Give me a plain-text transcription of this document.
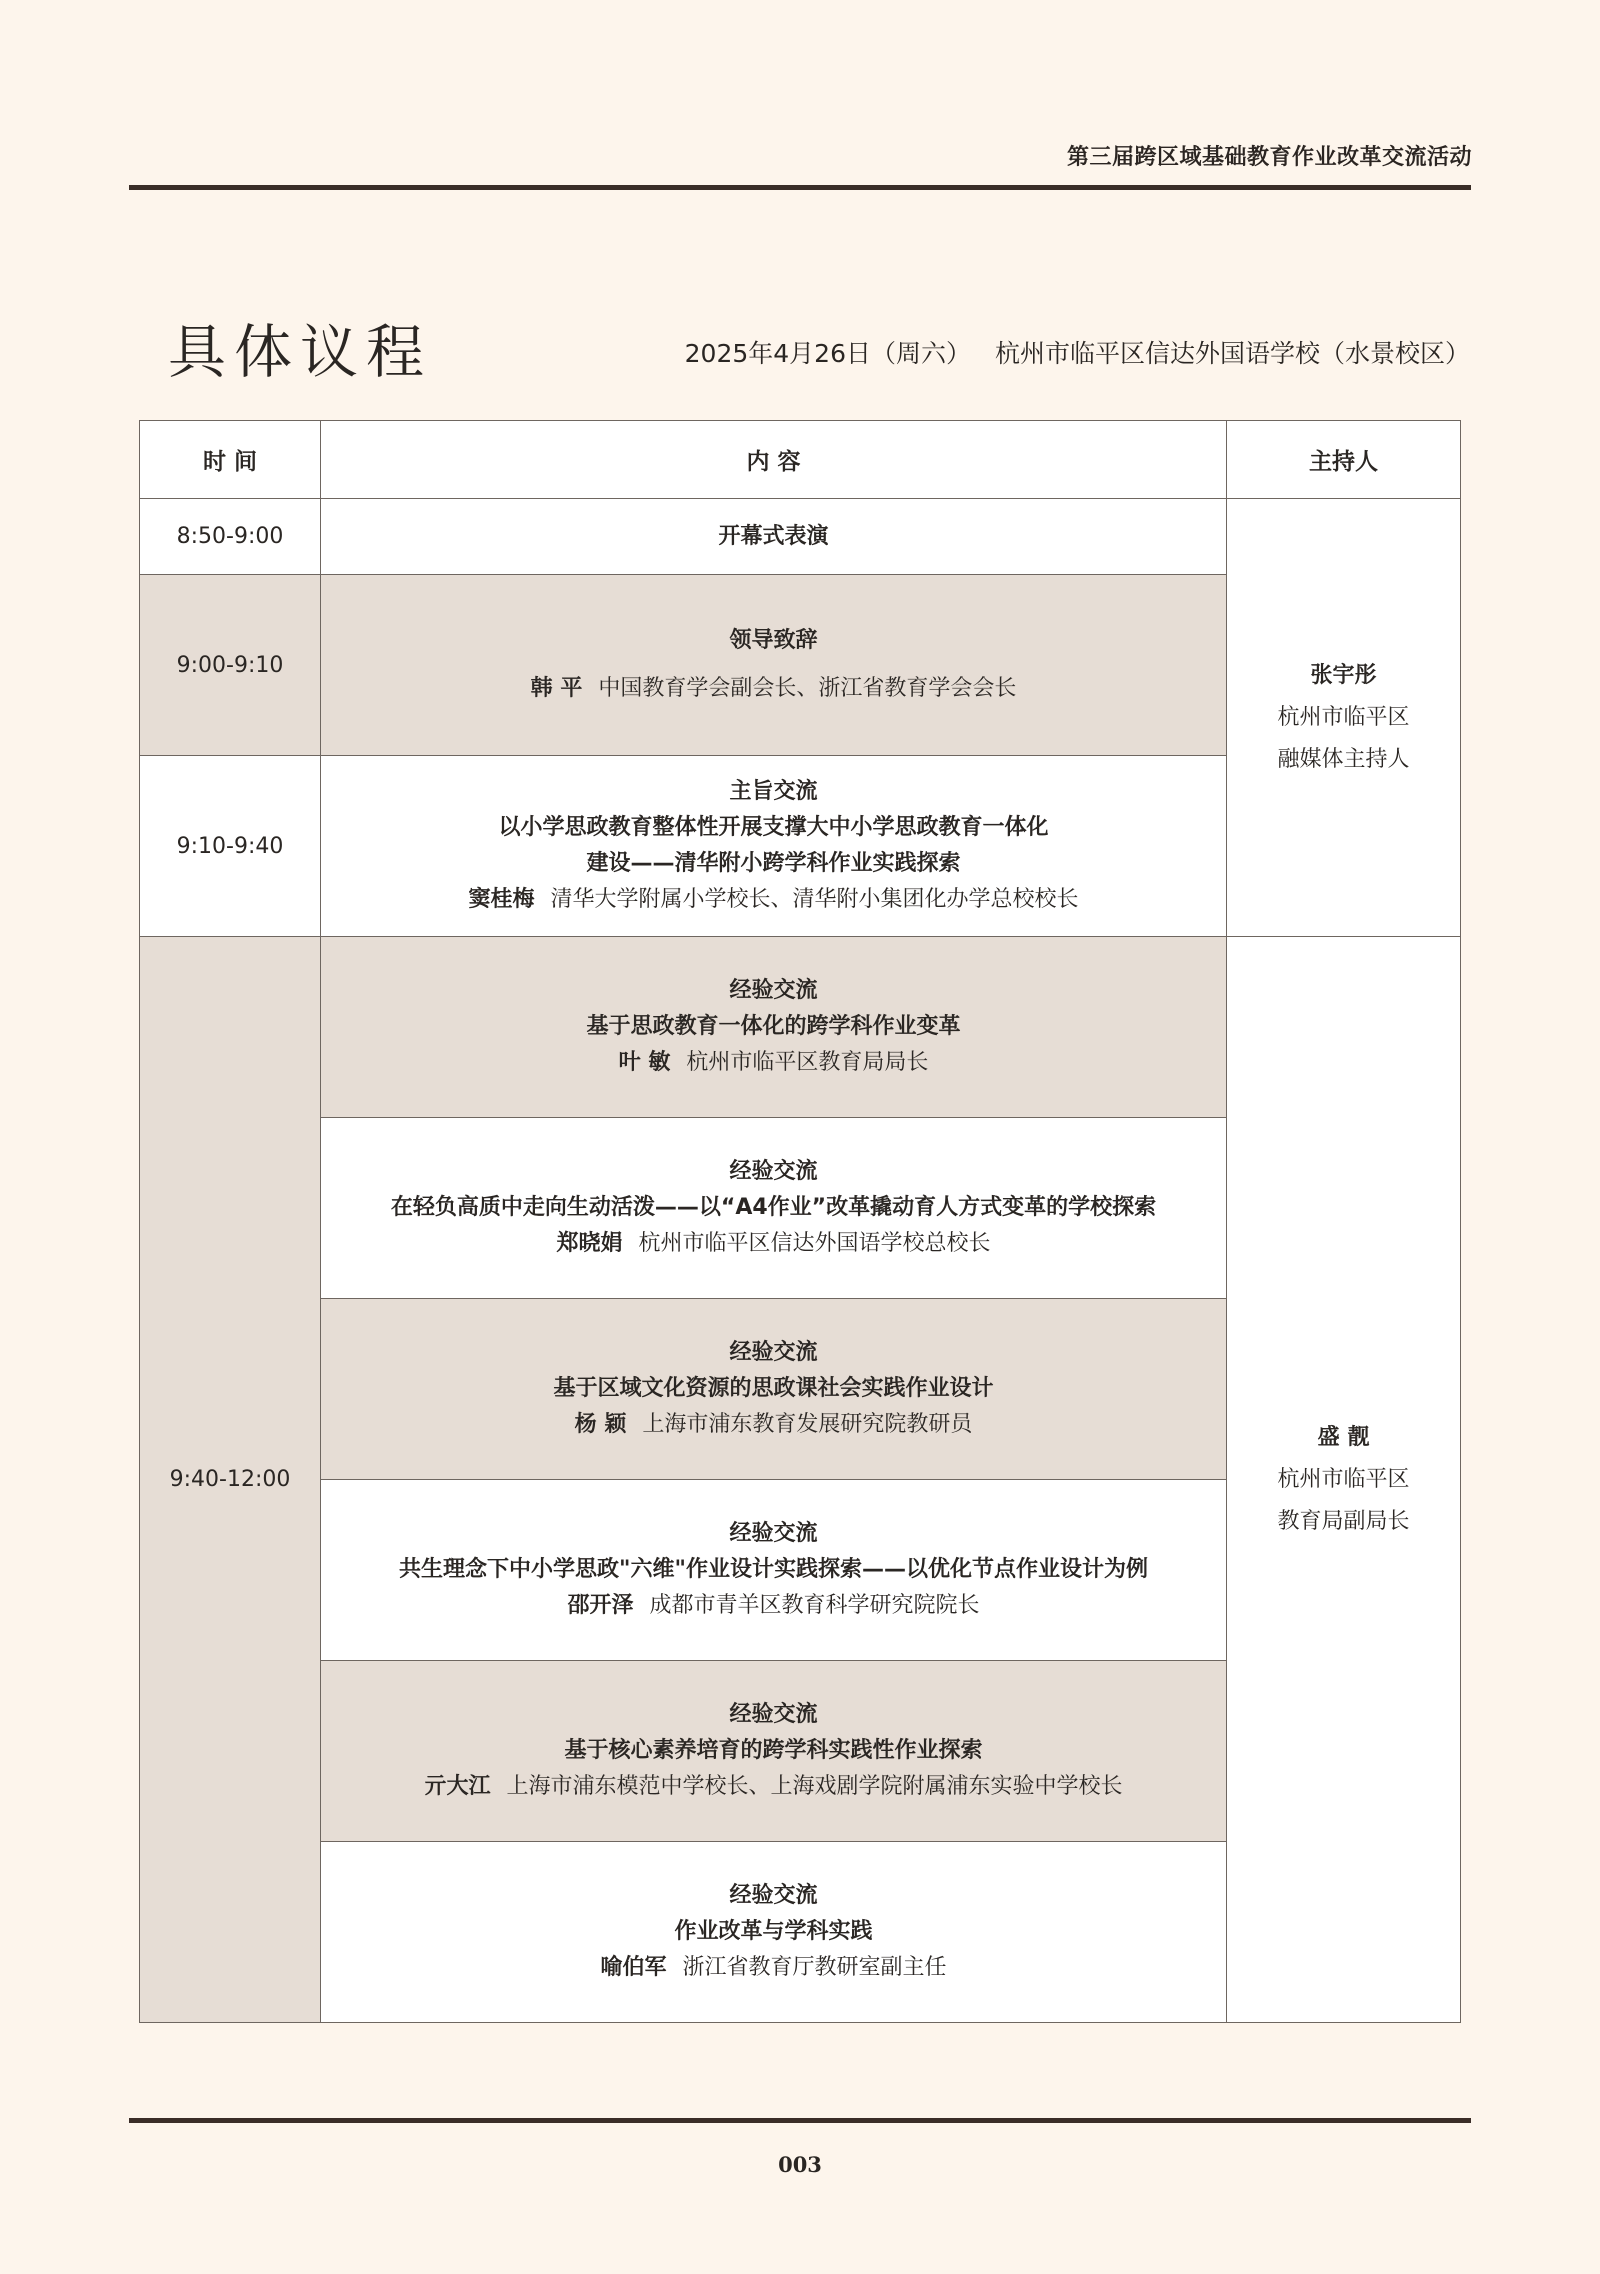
第三届跨区域基础教育作业改革交流活动
具体议程	2025年4月26日（周六） 杭州市临平区信达外国语学校（水景校区）
时 间	内 容	主持人
8:50-9:00	开幕式表演	张宇彤
杭州市临平区
融媒体主持人

9:00-9:10	领导致辞
韩 平 中国教育学会副会长、浙江省教育学会会长	

9:10-9:40	主旨交流
以小学思政教育整体性开展支撑大中小学思政教育一体化
建设——清华附小跨学科作业实践探索
窦桂梅 清华大学附属小学校长、清华附小集团化办学总校校长	

9:40-12:00	经验交流
基于思政教育一体化的跨学科作业变革
叶 敏 杭州市临平区教育局局长	盛 靓
杭州市临平区
教育局副局长

	经验交流
在轻负高质中走向生动活泼——以“A4作业”改革撬动育人方式变革的学校探索
郑晓娟 杭州市临平区信达外国语学校总校长	

	经验交流
基于区域文化资源的思政课社会实践作业设计
杨 颖 上海市浦东教育发展研究院教研员	

	经验交流
共生理念下中小学思政"六维"作业设计实践探索——以优化节点作业设计为例
邵开泽 成都市青羊区教育科学研究院院长	

	经验交流
基于核心素养培育的跨学科实践性作业探索
亓大江 上海市浦东模范中学校长、上海戏剧学院附属浦东实验中学校长	

	经验交流
作业改革与学科实践
喻伯军 浙江省教育厅教研室副主任	
003
